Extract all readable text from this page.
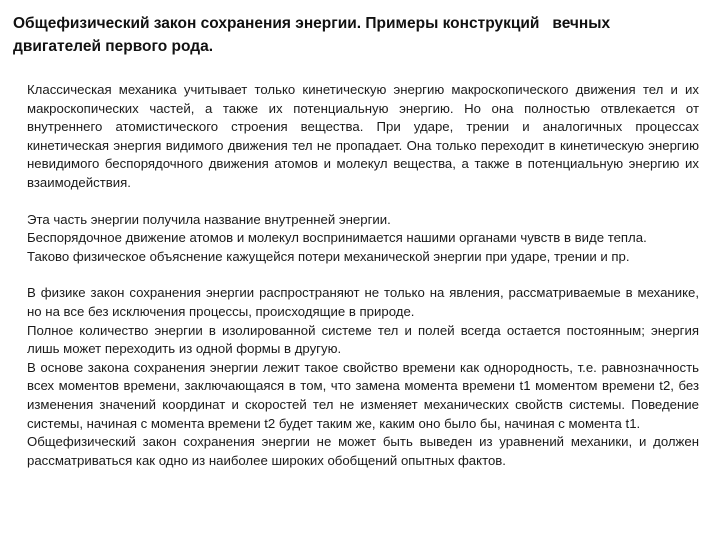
Общефизический закон сохранения энергии. Примеры конструкций   вечных
двигателей первого рода.

Классическая механика учитывает только кинетическую энергию макроскопического движения тел и их макроскопических частей, а также их потенциальную энергию. Но она полностью отвлекается от внутреннего атомистического строения вещества. При ударе, трении и аналогичных процессах кинетическая энергия видимого движения тел не пропадает. Она только переходит в кинетическую энергию невидимого беспорядочного движения атомов и молекул вещества, а также в потенциальную энергию их взаимодействия.

Эта часть энергии получила название внутренней энергии.

Беспорядочное движение атомов и молекул воспринимается нашими органами чувств в виде тепла.

Таково физическое объяснение кажущейся потери механической энергии при ударе, трении и пр.

В физике закон сохранения энергии распространяют не только на явления, рассматриваемые в механике, но на все без исключения процессы, происходящие в природе.

Полное количество энергии в изолированной системе тел и полей всегда остается постоянным; энергия лишь может переходить из одной формы в другую.

В основе закона сохранения энергии лежит такое свойство времени как однородность, т.е. равнозначность всех моментов времени, заключающаяся в том, что замена момента времени t1 моментом времени t2, без изменения значений координат и скоростей тел не изменяет механических свойств системы. Поведение системы, начиная с момента времени t2 будет таким же, каким оно было бы, начиная с момента t1.

Общефизический закон сохранения энергии не может быть выведен из уравнений механики, и должен рассматриваться как одно из наиболее широких обобщений опытных фактов.
